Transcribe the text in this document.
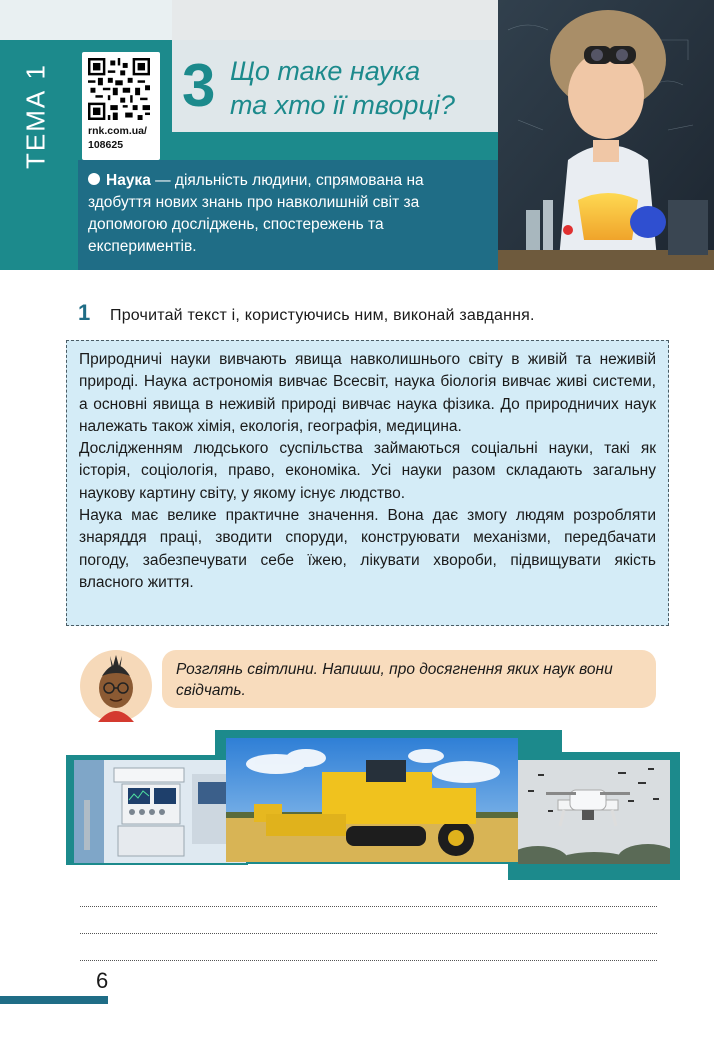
ТЕМА 1	rnk.com.ua/
108625
3 Що таке наука
та хто її творці?
Наука — діяльність людини, спрямована на здобуття нових знань про навколишній світ за допомогою досліджень, спостережень та експериментів.
1 Прочитай текст і, користуючись ним, виконай завдання.

Природничі науки вивчають явища навколишнього світу в живій та неживій природі. Наука астрономія вивчає Всесвіт, наука біологія вивчає живі системи, а основні явища в неживій природі вивчає наука фізика. До природничих наук належать також хімія, екологія, географія, медицина.

Дослідженням людського суспільства займаються соціальні науки, такі як історія, соціологія, право, економіка. Усі науки разом складають загальну наукову картину світу, у якому існує людство.

Наука має велике практичне значення. Вона дає змогу людям розробляти знаряддя праці, зводити споруди, конструювати механізми, передбачати погоду, забезпечувати себе їжею, лікувати хвороби, підвищувати якість власного життя.

Розглянь світлини. Напиши, про досягнення яких наук вони свідчать.
6
